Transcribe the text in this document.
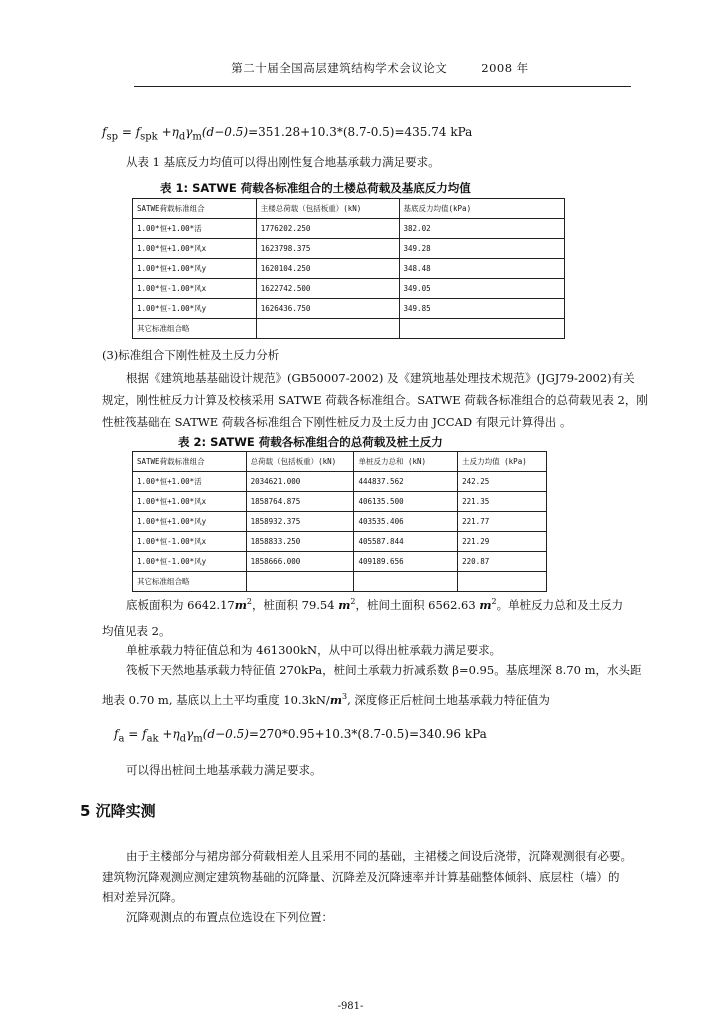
第二十届全国高层建筑结构学术会议论文	2008 年
$f_{sp} = f_{spk} +\eta_d\gamma_m(d-0.5)=351.28+10.3*(8.7-0.5)=435.74$ kPa
从表 1 基底反力均值可以得出刚性复合地基承载力满足要求。
表 1: SATWE 荷载各标准组合的土楼总荷载及基底反力均值
SATWE荷载标准组合	主楼总荷载（包括板重）(kN)	基底反力均值(kPa)
1.00*恒+1.00*活	1776202.250	382.02
1.00*恒+1.00*风x	1623798.375	349.28
1.00*恒+1.00*风y	1620104.250	348.48
1.00*恒-1.00*风x	1622742.500	349.05
1.00*恒-1.00*风y	1626436.750	349.85
其它标准组合略		
(3)标准组合下刚性桩及土反力分析
根据《建筑地基基础设计规范》(GB50007-2002) 及《建筑地基处理技术规范》(JGJ79-2002)有关
规定，刚性桩反力计算及校核采用 SATWE 荷载各标准组合。SATWE 荷载各标准组合的总荷载见表 2，刚
性桩筏基础在 SATWE 荷载各标准组合下刚性桩反力及土反力由 JCCAD 有限元计算得出 。
表 2: SATWE 荷载各标准组合的总荷载及桩土反力
SATWE荷载标准组合	总荷载（包括板重）(kN)	单桩反力总和 (kN)	土反力均值 (kPa)
1.00*恒+1.00*活	2034621.000	444837.562	242.25
1.00*恒+1.00*风x	1858764.875	406135.500	221.35
1.00*恒+1.00*风y	1858932.375	403535.406	221.77
1.00*恒-1.00*风x	1858833.250	405587.844	221.29
1.00*恒-1.00*风y	1858666.000	409189.656	220.87
其它标准组合略			
底板面积为 $6642.17m^2$，桩面积 79.54 $m^2$，桩间土面积 6562.63 $m^2$。单桩反力总和及土反力
均值见表 2。
单桩承载力特征值总和为 461300kN，从中可以得出桩承载力满足要求。
筏板下天然地基承载力特征值 270kPa，桩间土承载力折减系数 β=0.95。基底埋深 8.70 m，水头距
地表 0.70 m, 基底以上土平均重度 $10.3kN/m^3$, 深度修正后桩间土地基承载力特征值为
$f_a = f_{ak} +\eta_d\gamma_m(d-0.5)=270*0.95+10.3*(8.7-0.5)=340.96$ kPa
可以得出桩间土地基承载力满足要求。
5 沉降实测
由于主楼部分与裙房部分荷载相差人且采用不同的基础，主裙楼之间设后浇带，沉降观测很有必要。
建筑物沉降观测应测定建筑物基础的沉降量、沉降差及沉降速率并计算基础整体倾斜、底层柱（墙）的
相对差异沉降。
沉降观测点的布置点位选设在下列位置：
-981-
